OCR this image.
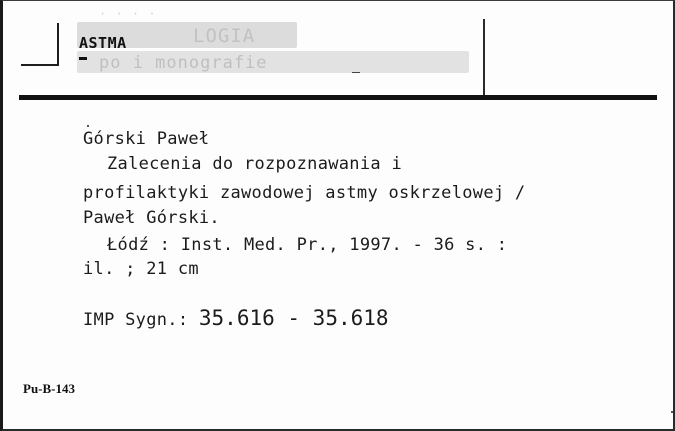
· · · ·
LOGIA
po i monografie
ASTMA
Górski Paweł
Zalecenia do rozpoznawania i
profilaktyki zawodowej astmy oskrzelowej /
Paweł Górski.
Łódź : Inst. Med. Pr., 1997. - 36 s. :
il. ; 21 cm
IMP Sygn.: 35.616 - 35.618
Pu-B-143
